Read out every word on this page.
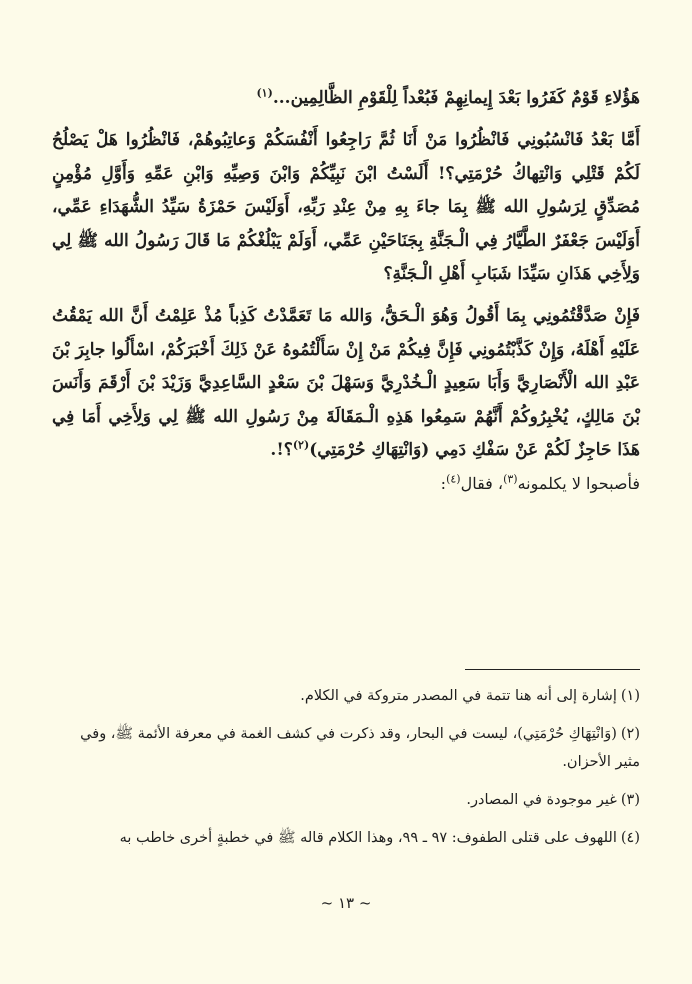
هَؤُلاءِ قَوْمٌ كَفَرُوا بَعْدَ إِيمانِهِمْ فَبُعْداً لِلْقَوْمِ الظَّالِمِين...$^{(١)}$

أَمَّا بَعْدُ فَانْسُبُونِي فَانْظُرُوا مَنْ أَنَا ثُمَّ رَاجِعُوا أَنْفُسَكُمْ وَعاتِبُوهُمْ، فَانْظُرُوا هَلْ يَصْلُحُ لَكُمْ قَتْلِي وَانْتِهاكُ حُرْمَتِي؟! أَلَسْتُ ابْنَ نَبِيِّكُمْ وَابْنَ وَصِيِّهِ وَابْنِ عَمِّهِ وَأَوَّلِ مُؤْمِنٍ مُصَدِّقٍ لِرَسُولِ الله ﷺ بِمَا جاءَ بِهِ مِنْ عِنْدِ رَبِّهِ، أَوَلَيْسَ حَمْزَةُ سَيِّدُ الشُّهَدَاءِ عَمِّي، أَوَلَيْسَ جَعْفَرٌ الطَّيَّارُ فِي الْـجَنَّةِ بِجَنَاحَيْنِ عَمِّي، أَوَلَمْ يَبْلُغْكُمْ مَا قَالَ رَسُولُ الله ﷺ لِي وَلِأَخِي هَذَانِ سَيِّدَا شَبَابِ أَهْلِ الْـجَنَّةِ؟

فَإِنْ صَدَّقْتُمُونِي بِمَا أَقُولُ وَهُوَ الْـحَقُّ، وَالله مَا تَعَمَّدْتُ كَذِباً مُذْ عَلِمْتُ أَنَّ الله يَمْقُتُ عَلَيْهِ أَهْلَهُ، وَإِنْ كَذَّبْتُمُونِي فَإِنَّ فِيكُمْ مَنْ إِنْ سَأَلْتُمُوهُ عَنْ ذَلِكَ أَخْبَرَكُمْ، اسْأَلُوا جابِرَ بْنَ عَبْدِ الله الْأَنْصَارِيَّ وَأَبَا سَعِيدٍ الْـخُدْرِيَّ وَسَهْلَ بْنَ سَعْدٍ السَّاعِدِيَّ وَزَيْدَ بْنَ أَرْقَمَ وَأَنَسَ بْنَ مَالِكٍ، يُخْبِرُوكُمْ أَنَّهُمْ سَمِعُوا هَذِهِ الْـمَقَالَةَ مِنْ رَسُولِ الله ﷺ لِي وَلِأَخِي أَمَا فِي هَذَا حَاجِزٌ لَكُمْ عَنْ سَفْكِ دَمِي (وَانْتِهَاكِ حُرْمَتِي)$^{(٢)}$؟!.

فأصبحوا لا يكلمونه$^{(٣)}$، فقال$^{(٤)}$:

(١)إشارة إلى أنه هنا تتمة في المصدر متروكة في الكلام.

(٢)(وَانْتِهَاكِ حُرْمَتِي)، ليست في البحار، وقد ذكرت في كشف الغمة في معرفة الأئمة ﷺ، وفي مثير الأحزان.

(٣)غير موجودة في المصادر.

(٤)اللهوف على قتلى الطفوف: ٩٧ ـ ٩٩، وهذا الكلام قاله ﷺ في خطبةٍ أخرى خاطب به

~ ١٣ ~
